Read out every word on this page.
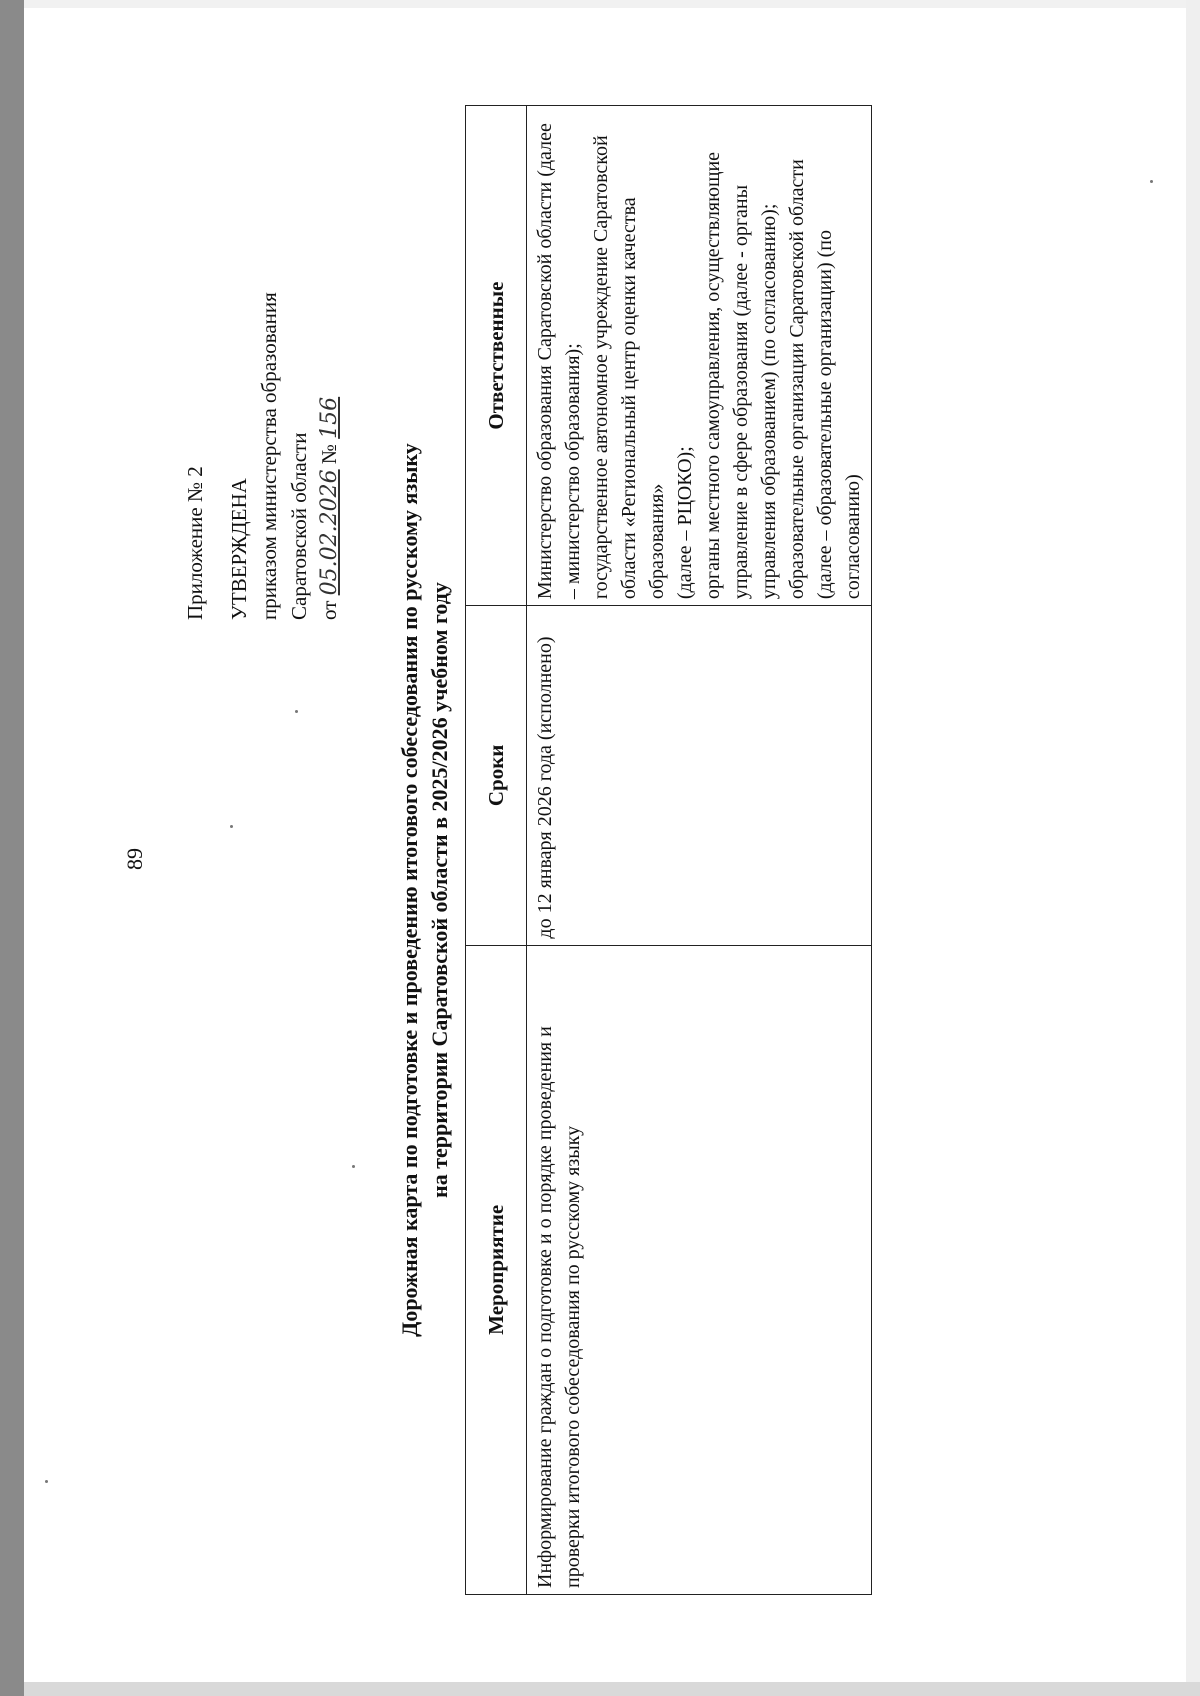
89
Приложение № 2 УТВЕРЖДЕНА приказом министерства образования Саратовской области от 05.02.2026 № 156
Дорожная карта по подготовке и проведению итогового собеседования по русскому языку на территории Саратовской области в 2025/2026 учебном году
Мероприятие	Сроки	Ответственные
Информирование граждан о подготовке и о порядке проведения и проверки итогового собеседования по русскому языку	до 12 января 2026 года (исполнено)	Министерство образования Саратовской области (далее – министерство образования); государственное автономное учреждение Саратовской области «Региональный центр оценки качества образования» (далее – РЦОКО); органы местного самоуправления, осуществляющие управление в сфере образования (далее - органы управления образованием) (по согласованию); образовательные организации Саратовской области (далее – образовательные организации) (по согласованию)
